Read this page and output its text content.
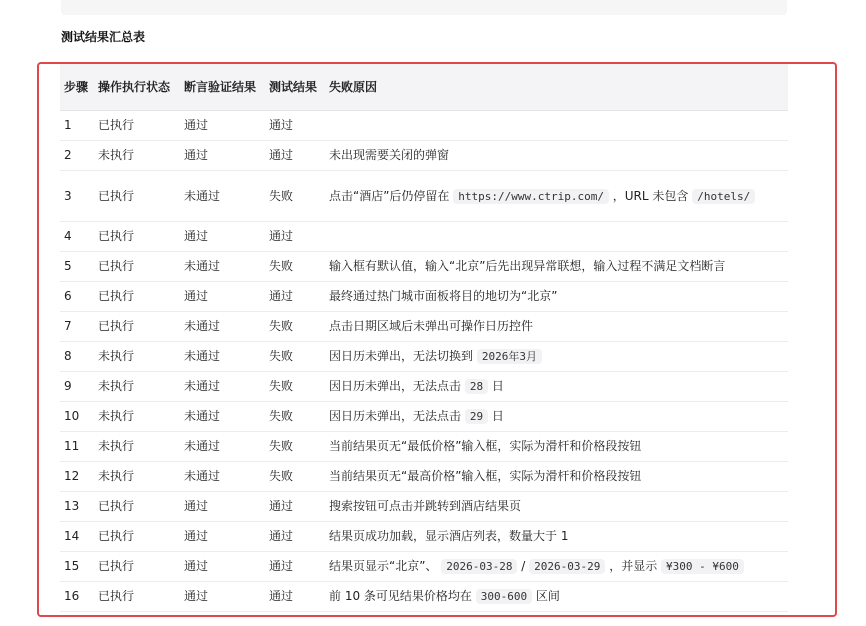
测试结果汇总表
步骤	操作执行状态	断言验证结果	测试结果	失败原因
1	已执行	通过	通过	
2	未执行	通过	通过	未出现需要关闭的弹窗
3	已执行	未通过	失败	点击“酒店”后仍停留在 https://www.ctrip.com/ ，URL 未包含 /hotels/
4	已执行	通过	通过	
5	已执行	未通过	失败	输入框有默认值，输入“北京”后先出现异常联想，输入过程不满足文档断言
6	已执行	通过	通过	最终通过热门城市面板将目的地切为“北京”
7	已执行	未通过	失败	点击日期区域后未弹出可操作日历控件
8	未执行	未通过	失败	因日历未弹出，无法切换到 2026年3月
9	未执行	未通过	失败	因日历未弹出，无法点击 28 日
10	未执行	未通过	失败	因日历未弹出，无法点击 29 日
11	未执行	未通过	失败	当前结果页无“最低价格”输入框，实际为滑杆和价格段按钮
12	未执行	未通过	失败	当前结果页无“最高价格”输入框，实际为滑杆和价格段按钮
13	已执行	通过	通过	搜索按钮可点击并跳转到酒店结果页
14	已执行	通过	通过	结果页成功加载，显示酒店列表，数量大于 1
15	已执行	通过	通过	结果页显示“北京”、 2026-03-28 / 2026-03-29 ，并显示 ¥300 - ¥600
16	已执行	通过	通过	前 10 条可见结果价格均在 300-600 区间
